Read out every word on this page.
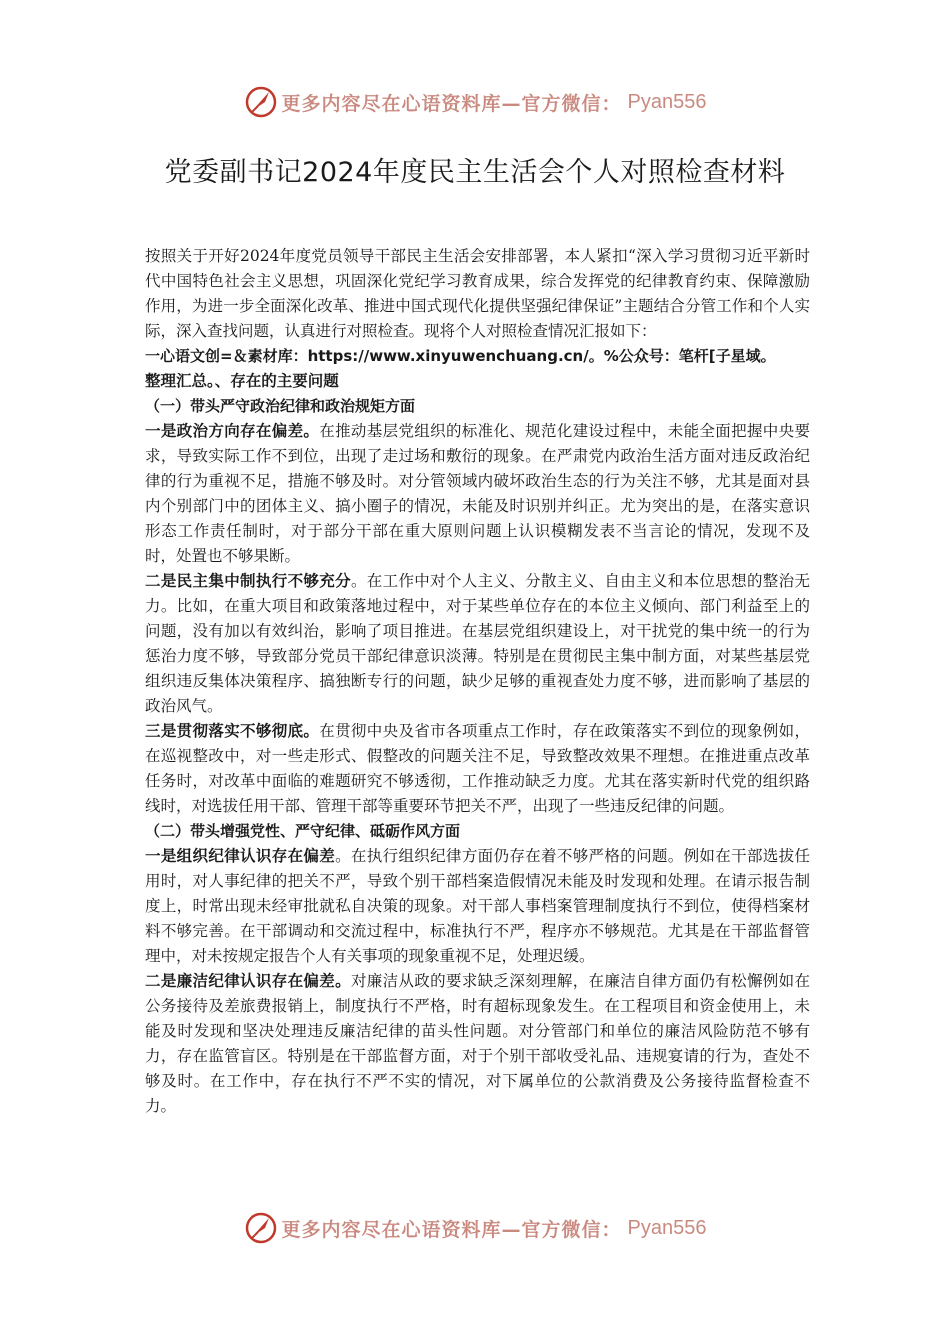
更多内容尽在心语资料库—官方微信： Pyan556
党委副书记2024年度民主生活会个人对照检查材料

按照关于开好2024年度党员领导干部民主生活会安排部署，本人紧扣“深入学习贯彻习近平新时代中国特色社会主义思想，巩固深化党纪学习教育成果，综合发挥党的纪律教育约束、保障激励作用，为进一步全面深化改革、推进中国式现代化提供坚强纪律保证”主题结合分管工作和个人实际，深入查找问题，认真进行对照检查。现将个人对照检查情况汇报如下：

一心语文创=＆素材库：https://www.xinyuwenchuang.cn/。%公众号：笔杆[子星域。

整理汇总。、存在的主要问题

（一）带头严守政治纪律和政治规矩方面

一是政治方向存在偏差。在推动基层党组织的标准化、规范化建设过程中，未能全面把握中央要求，导致实际工作不到位，出现了走过场和敷衍的现象。在严肃党内政治生活方面对违反政治纪律的行为重视不足，措施不够及时。对分管领域内破坏政治生态的行为关注不够，尤其是面对县内个别部门中的团体主义、搞小圈子的情况，未能及时识别并纠正。尤为突出的是，在落实意识形态工作责任制时，对于部分干部在重大原则问题上认识模糊发表不当言论的情况，发现不及时，处置也不够果断。

二是民主集中制执行不够充分。在工作中对个人主义、分散主义、自由主义和本位思想的整治无力。比如，在重大项目和政策落地过程中，对于某些单位存在的本位主义倾向、部门利益至上的问题，没有加以有效纠治，影响了项目推进。在基层党组织建设上，对干扰党的集中统一的行为惩治力度不够，导致部分党员干部纪律意识淡薄。特别是在贯彻民主集中制方面，对某些基层党组织违反集体决策程序、搞独断专行的问题，缺少足够的重视查处力度不够，进而影响了基层的政治风气。

三是贯彻落实不够彻底。在贯彻中央及省市各项重点工作时，存在政策落实不到位的现象例如，在巡视整改中，对一些走形式、假整改的问题关注不足，导致整改效果不理想。在推进重点改革任务时，对改革中面临的难题研究不够透彻，工作推动缺乏力度。尤其在落实新时代党的组织路线时，对选拔任用干部、管理干部等重要环节把关不严，出现了一些违反纪律的问题。

（二）带头增强党性、严守纪律、砥砺作风方面

一是组织纪律认识存在偏差。在执行组织纪律方面仍存在着不够严格的问题。例如在干部选拔任用时，对人事纪律的把关不严，导致个别干部档案造假情况未能及时发现和处理。在请示报告制度上，时常出现未经审批就私自决策的现象。对干部人事档案管理制度执行不到位，使得档案材料不够完善。在干部调动和交流过程中，标准执行不严，程序亦不够规范。尤其是在干部监督管理中，对未按规定报告个人有关事项的现象重视不足，处理迟缓。

二是廉洁纪律认识存在偏差。对廉洁从政的要求缺乏深刻理解，在廉洁自律方面仍有松懈例如在公务接待及差旅费报销上，制度执行不严格，时有超标现象发生。在工程项目和资金使用上，未能及时发现和坚决处理违反廉洁纪律的苗头性问题。对分管部门和单位的廉洁风险防范不够有力，存在监管盲区。特别是在干部监督方面，对于个别干部收受礼品、违规宴请的行为，查处不够及时。在工作中，存在执行不严不实的情况，对下属单位的公款消费及公务接待监督检查不力。

更多内容尽在心语资料库—官方微信： Pyan556
